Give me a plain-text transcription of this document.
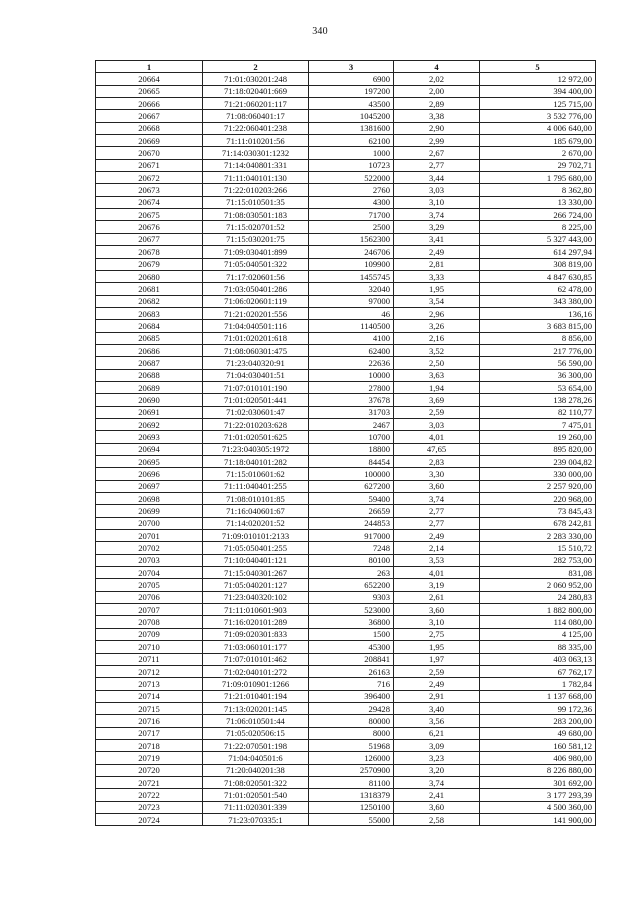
340
1	2	3	4	5
20664	71:01:030201:248	6900	2,02	12 972,00
20665	71:18:020401:669	197200	2,00	394 400,00
20666	71:21:060201:117	43500	2,89	125 715,00
20667	71:08:060401:17	1045200	3,38	3 532 776,00
20668	71:22:060401:238	1381600	2,90	4 006 640,00
20669	71:11:010201:56	62100	2,99	185 679,00
20670	71:14:030301:1232	1000	2,67	2 670,00
20671	71:14:040801:331	10723	2,77	29 702,71
20672	71:11:040101:130	522000	3,44	1 795 680,00
20673	71:22:010203:266	2760	3,03	8 362,80
20674	71:15:010501:35	4300	3,10	13 330,00
20675	71:08:030501:183	71700	3,74	266 724,00
20676	71:15:020701:52	2500	3,29	8 225,00
20677	71:15:030201:75	1562300	3,41	5 327 443,00
20678	71:09:030401:899	246706	2,49	614 297,94
20679	71:05:040501:322	109900	2,81	308 819,00
20680	71:17:020601:56	1455745	3,33	4 847 630,85
20681	71:03:050401:286	32040	1,95	62 478,00
20682	71:06:020601:119	97000	3,54	343 380,00
20683	71:21:020201:556	46	2,96	136,16
20684	71:04:040501:116	1140500	3,26	3 683 815,00
20685	71:01:020201:618	4100	2,16	8 856,00
20686	71:08:060301:475	62400	3,52	217 776,00
20687	71:23:040320:91	22636	2,50	56 590,00
20688	71:04:030401:51	10000	3,63	36 300,00
20689	71:07:010101:190	27800	1,94	53 654,00
20690	71:01:020501:441	37678	3,69	138 278,26
20691	71:02:030601:47	31703	2,59	82 110,77
20692	71:22:010203:628	2467	3,03	7 475,01
20693	71:01:020501:625	10700	4,01	19 260,00
20694	71:23:040305:1972	18800	47,65	895 820,00
20695	71:18:040101:282	84454	2,83	239 004,82
20696	71:15:010601:62	100000	3,30	330 000,00
20697	71:11:040401:255	627200	3,60	2 257 920,00
20698	71:08:010101:85	59400	3,74	220 968,00
20699	71:16:040601:67	26659	2,77	73 845,43
20700	71:14:020201:52	244853	2,77	678 242,81
20701	71:09:010101:2133	917000	2,49	2 283 330,00
20702	71:05:050401:255	7248	2,14	15 510,72
20703	71:10:040401:121	80100	3,53	282 753,00
20704	71:15:040301:267	263	4,01	831,08
20705	71:05:040201:127	652200	3,19	2 060 952,00
20706	71:23:040320:102	9303	2,61	24 280,83
20707	71:11:010601:903	523000	3,60	1 882 800,00
20708	71:16:020101:289	36800	3,10	114 080,00
20709	71:09:020301:833	1500	2,75	4 125,00
20710	71:03:060101:177	45300	1,95	88 335,00
20711	71:07:010101:462	208841	1,97	403 063,13
20712	71:02:040101:272	26163	2,59	67 762,17
20713	71:09:010901:1266	716	2,49	1 782,84
20714	71:21:010401:194	396400	2,91	1 137 668,00
20715	71:13:020201:145	29428	3,40	99 172,36
20716	71:06:010501:44	80000	3,56	283 200,00
20717	71:05:020506:15	8000	6,21	49 680,00
20718	71:22:070501:198	51968	3,09	160 581,12
20719	71:04:040501:6	126000	3,23	406 980,00
20720	71:20:040201:38	2570900	3,20	8 226 880,00
20721	71:08:020501:322	81100	3,74	301 692,00
20722	71:01:020501:540	1318379	2,41	3 177 293,39
20723	71:11:020301:339	1250100	3,60	4 500 360,00
20724	71:23:070335:1	55000	2,58	141 900,00
